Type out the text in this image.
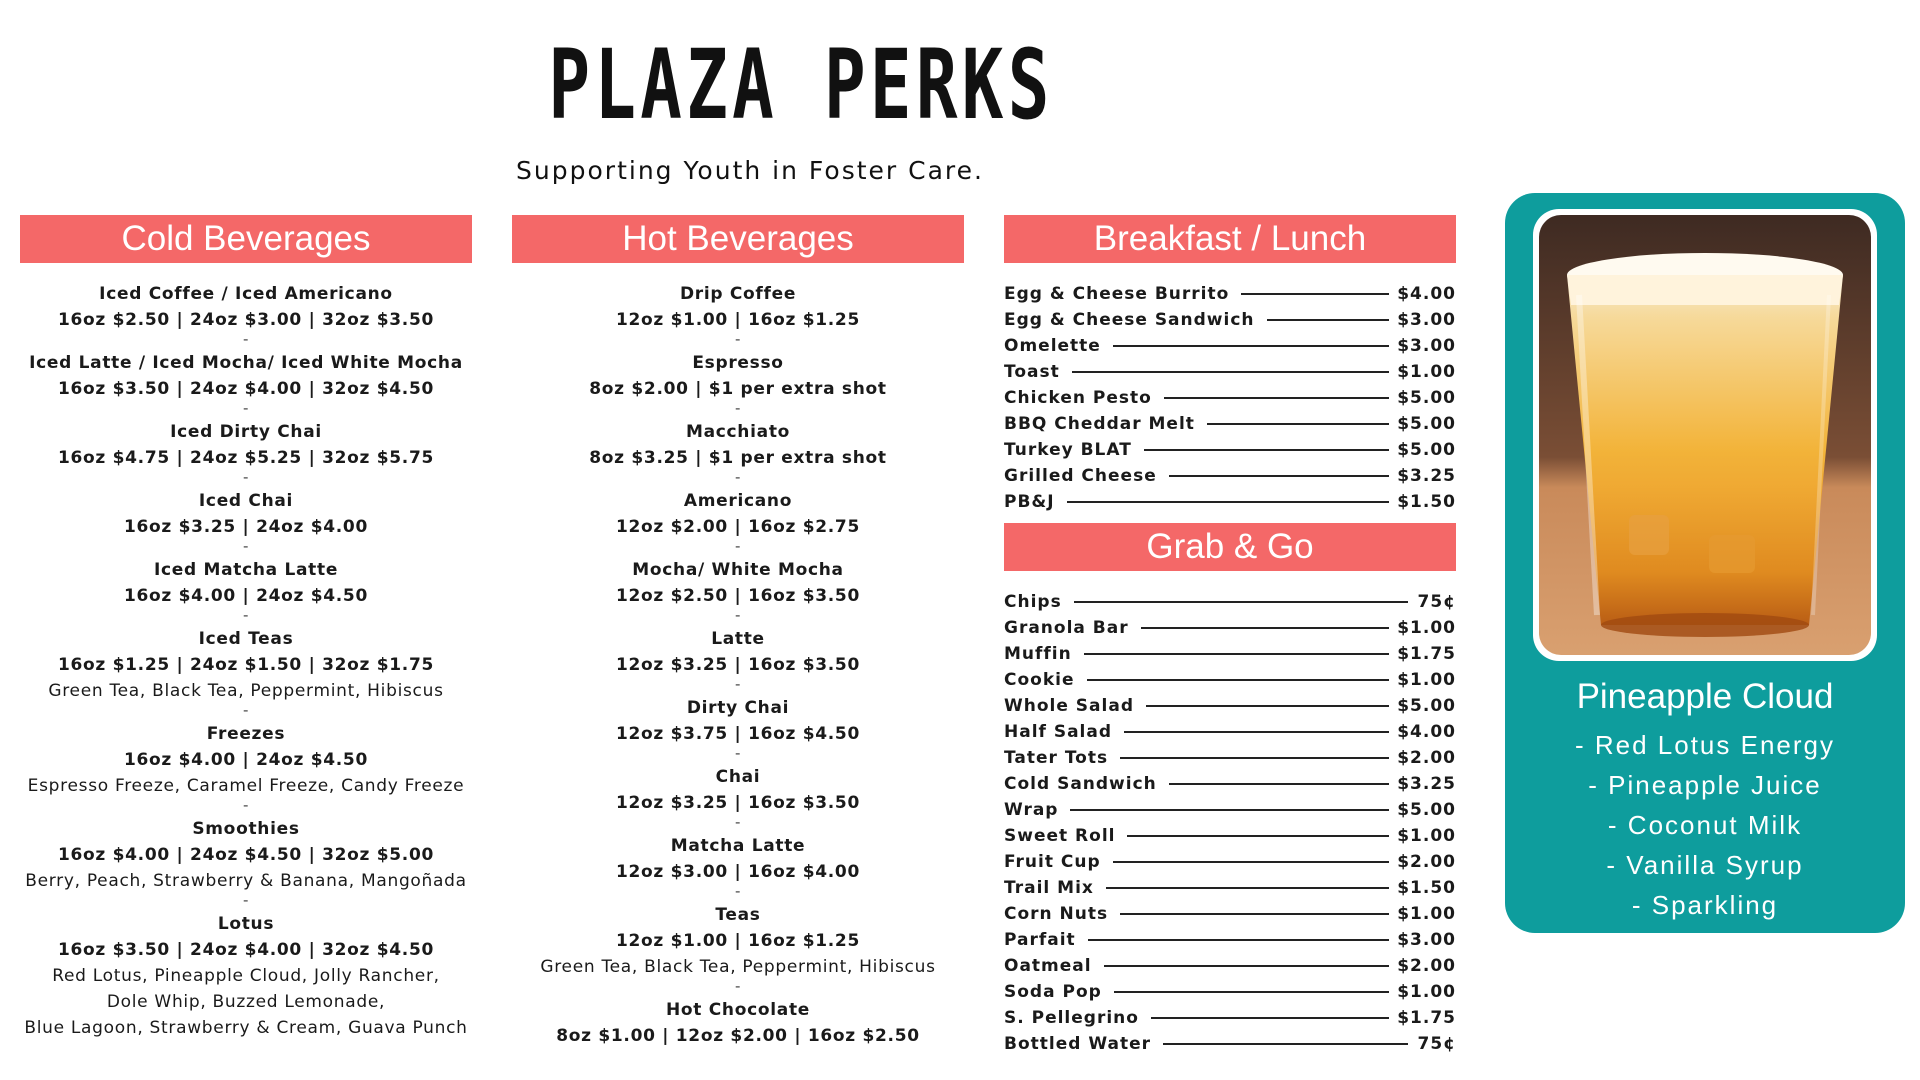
PLAZA PERKS
Supporting Youth in Foster Care.
Cold Beverages
Iced Coffee / Iced Americano
16oz $2.50 | 24oz $3.00 | 32oz $3.50
-
Iced Latte / Iced Mocha/ Iced White Mocha
16oz $3.50 | 24oz $4.00 | 32oz $4.50
-
Iced Dirty Chai
16oz $4.75 | 24oz $5.25 | 32oz $5.75
-
Iced Chai
16oz $3.25 | 24oz $4.00
-
Iced Matcha Latte
16oz $4.00 | 24oz $4.50
-
Iced Teas
16oz $1.25 | 24oz $1.50 | 32oz $1.75
Green Tea, Black Tea, Peppermint, Hibiscus
-
Freezes
16oz $4.00 | 24oz $4.50
Espresso Freeze, Caramel Freeze, Candy Freeze
-
Smoothies
16oz $4.00 | 24oz $4.50 | 32oz $5.00
Berry, Peach, Strawberry & Banana, Mangoñada
-
Lotus
16oz $3.50 | 24oz $4.00 | 32oz $4.50
Red Lotus, Pineapple Cloud, Jolly Rancher,
Dole Whip, Buzzed Lemonade,
Blue Lagoon, Strawberry & Cream, Guava Punch
Hot Beverages
Drip Coffee
12oz $1.00 | 16oz $1.25
-
Espresso
8oz $2.00 | $1 per extra shot
-
Macchiato
8oz $3.25 | $1 per extra shot
-
Americano
12oz $2.00 | 16oz $2.75
-
Mocha/ White Mocha
12oz $2.50 | 16oz $3.50
-
Latte
12oz $3.25 | 16oz $3.50
-
Dirty Chai
12oz $3.75 | 16oz $4.50
-
Chai
12oz $3.25 | 16oz $3.50
-
Matcha Latte
12oz $3.00 | 16oz $4.00
-
Teas
12oz $1.00 | 16oz $1.25
Green Tea, Black Tea, Peppermint, Hibiscus
-
Hot Chocolate
8oz $1.00 | 12oz $2.00 | 16oz $2.50
Breakfast / Lunch
Egg & Cheese Burrito	$4.00
Egg & Cheese Sandwich	$3.00
Omelette	$3.00
Toast	$1.00
Chicken Pesto	$5.00
BBQ Cheddar Melt	$5.00
Turkey BLAT	$5.00
Grilled Cheese	$3.25
PB&J	$1.50
Grab & Go
Chips	75¢
Granola Bar	$1.00
Muffin	$1.75
Cookie	$1.00
Whole Salad	$5.00
Half Salad	$4.00
Tater Tots	$2.00
Cold Sandwich	$3.25
Wrap	$5.00
Sweet Roll	$1.00
Fruit Cup	$2.00
Trail Mix	$1.50
Corn Nuts	$1.00
Parfait	$3.00
Oatmeal	$2.00
Soda Pop	$1.00
S. Pellegrino	$1.75
Bottled Water	75¢
Pineapple Cloud
- Red Lotus Energy
- Pineapple Juice
- Coconut Milk
- Vanilla Syrup
- Sparkling
